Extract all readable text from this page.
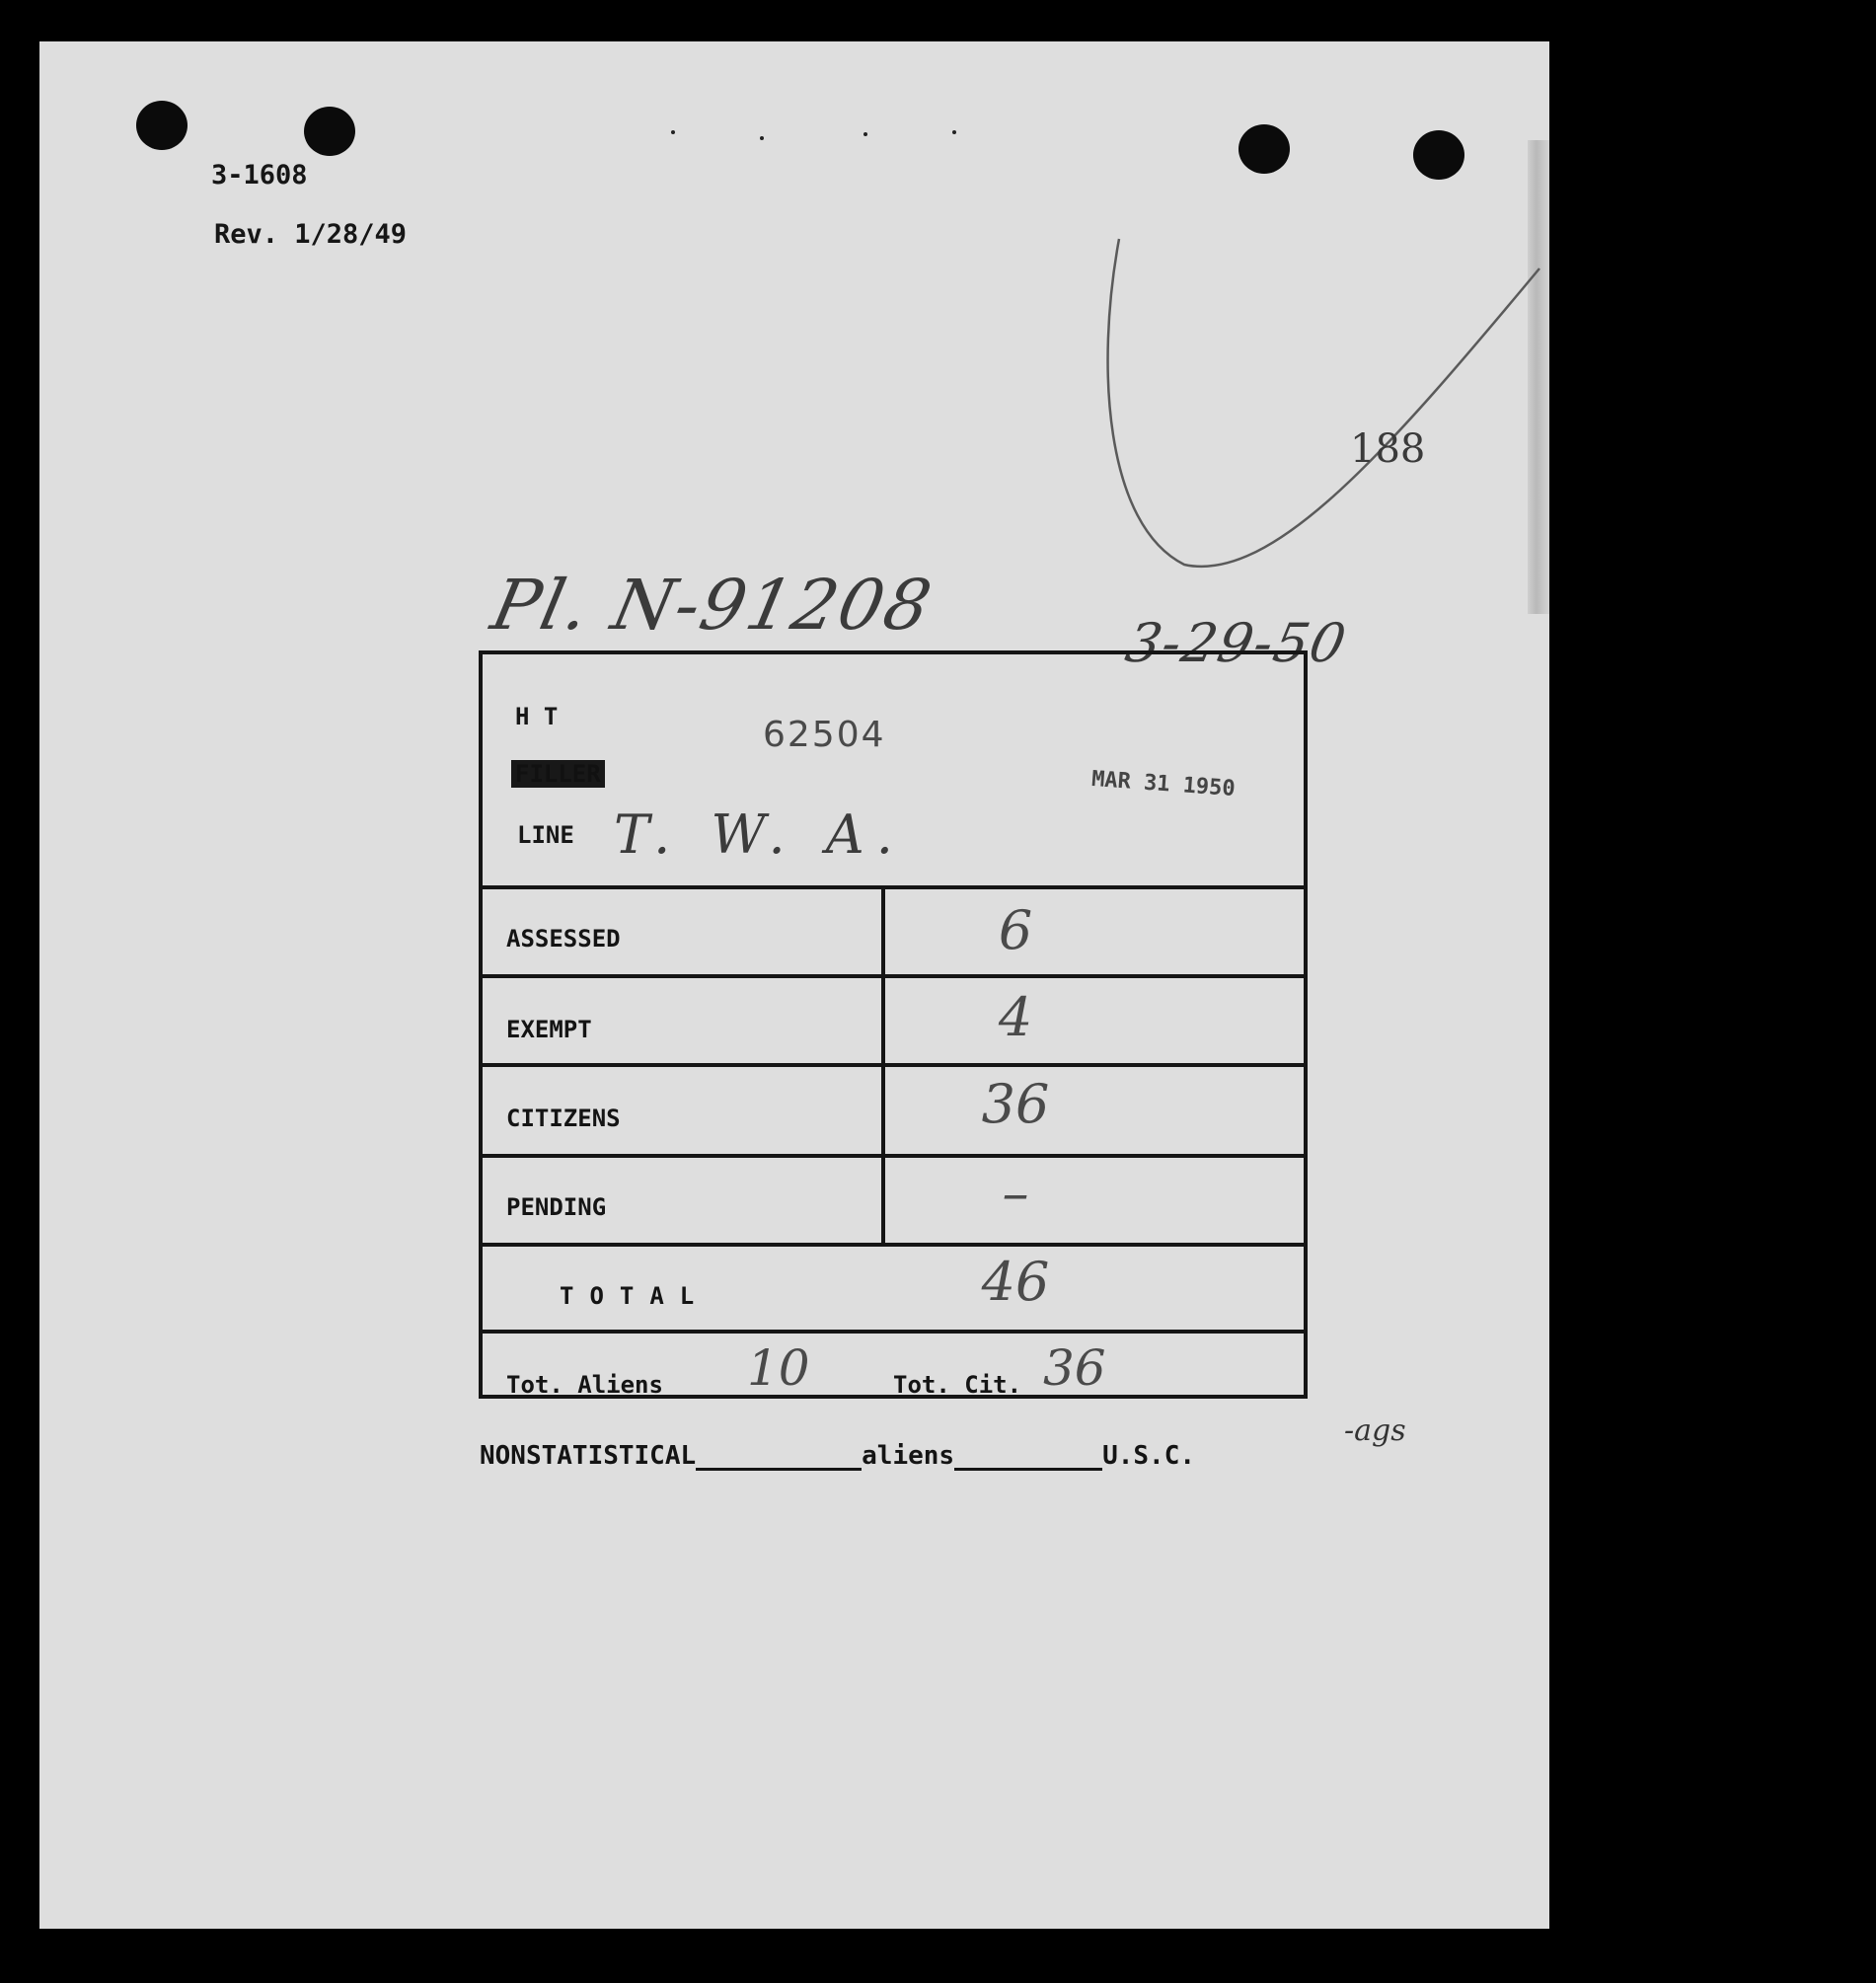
3-1608
Rev. 1/28/49
188
Pl. N-91208	3-29-50
ASSESSED	6
EXEMPT	4
CITIZENS	36
PENDING	–
TOTAL	46
Tot. Aliens 10	Tot. Cit. 36
H T
FILLER
LINE T. W. A.
62504
MAR 31 1950
NONSTATISTICAL	aliens	U.S.C.
-ags
